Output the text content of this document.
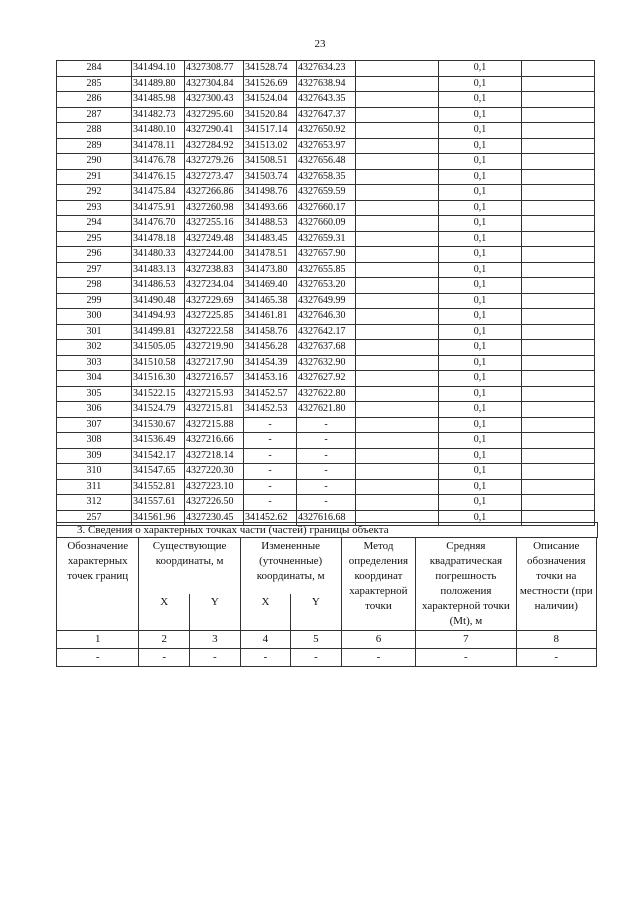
23
284	341494.10	4327308.77	341528.74	4327634.23		0,1	
285	341489.80	4327304.84	341526.69	4327638.94		0,1	
286	341485.98	4327300.43	341524.04	4327643.35		0,1	
287	341482.73	4327295.60	341520.84	4327647.37		0,1	
288	341480.10	4327290.41	341517.14	4327650.92		0,1	
289	341478.11	4327284.92	341513.02	4327653.97		0,1	
290	341476.78	4327279.26	341508.51	4327656.48		0,1	
291	341476.15	4327273.47	341503.74	4327658.35		0,1	
292	341475.84	4327266.86	341498.76	4327659.59		0,1	
293	341475.91	4327260.98	341493.66	4327660.17		0,1	
294	341476.70	4327255.16	341488.53	4327660.09		0,1	
295	341478.18	4327249.48	341483.45	4327659.31		0,1	
296	341480.33	4327244.00	341478.51	4327657.90		0,1	
297	341483.13	4327238.83	341473.80	4327655.85		0,1	
298	341486.53	4327234.04	341469.40	4327653.20		0,1	
299	341490.48	4327229.69	341465.38	4327649.99		0,1	
300	341494.93	4327225.85	341461.81	4327646.30		0,1	
301	341499.81	4327222.58	341458.76	4327642.17		0,1	
302	341505.05	4327219.90	341456.28	4327637.68		0,1	
303	341510.58	4327217.90	341454.39	4327632.90		0,1	
304	341516.30	4327216.57	341453.16	4327627.92		0,1	
305	341522.15	4327215.93	341452.57	4327622.80		0,1	
306	341524.79	4327215.81	341452.53	4327621.80		0,1	
307	341530.67	4327215.88	-	-		0,1	
308	341536.49	4327216.66	-	-		0,1	
309	341542.17	4327218.14	-	-		0,1	
310	341547.65	4327220.30	-	-		0,1	
311	341552.81	4327223.10	-	-		0,1	
312	341557.61	4327226.50	-	-		0,1	
257	341561.96	4327230.45	341452.62	4327616.68		0,1	
3. Сведения о характерных точках части (частей) границы объекта
Обозначение характерных точек границ	Существующие координаты, м		Измененные (уточненные) координаты, м		Метод определения координат характерной точки	Средняя квадратическая погрешность положения характерной точки (Mt), м	Описание обозначения точки на местности (при наличии)
	X	Y	X	Y			
1	2	3	4	5	6	7	8
-	-	-	-	-	-	-	-
